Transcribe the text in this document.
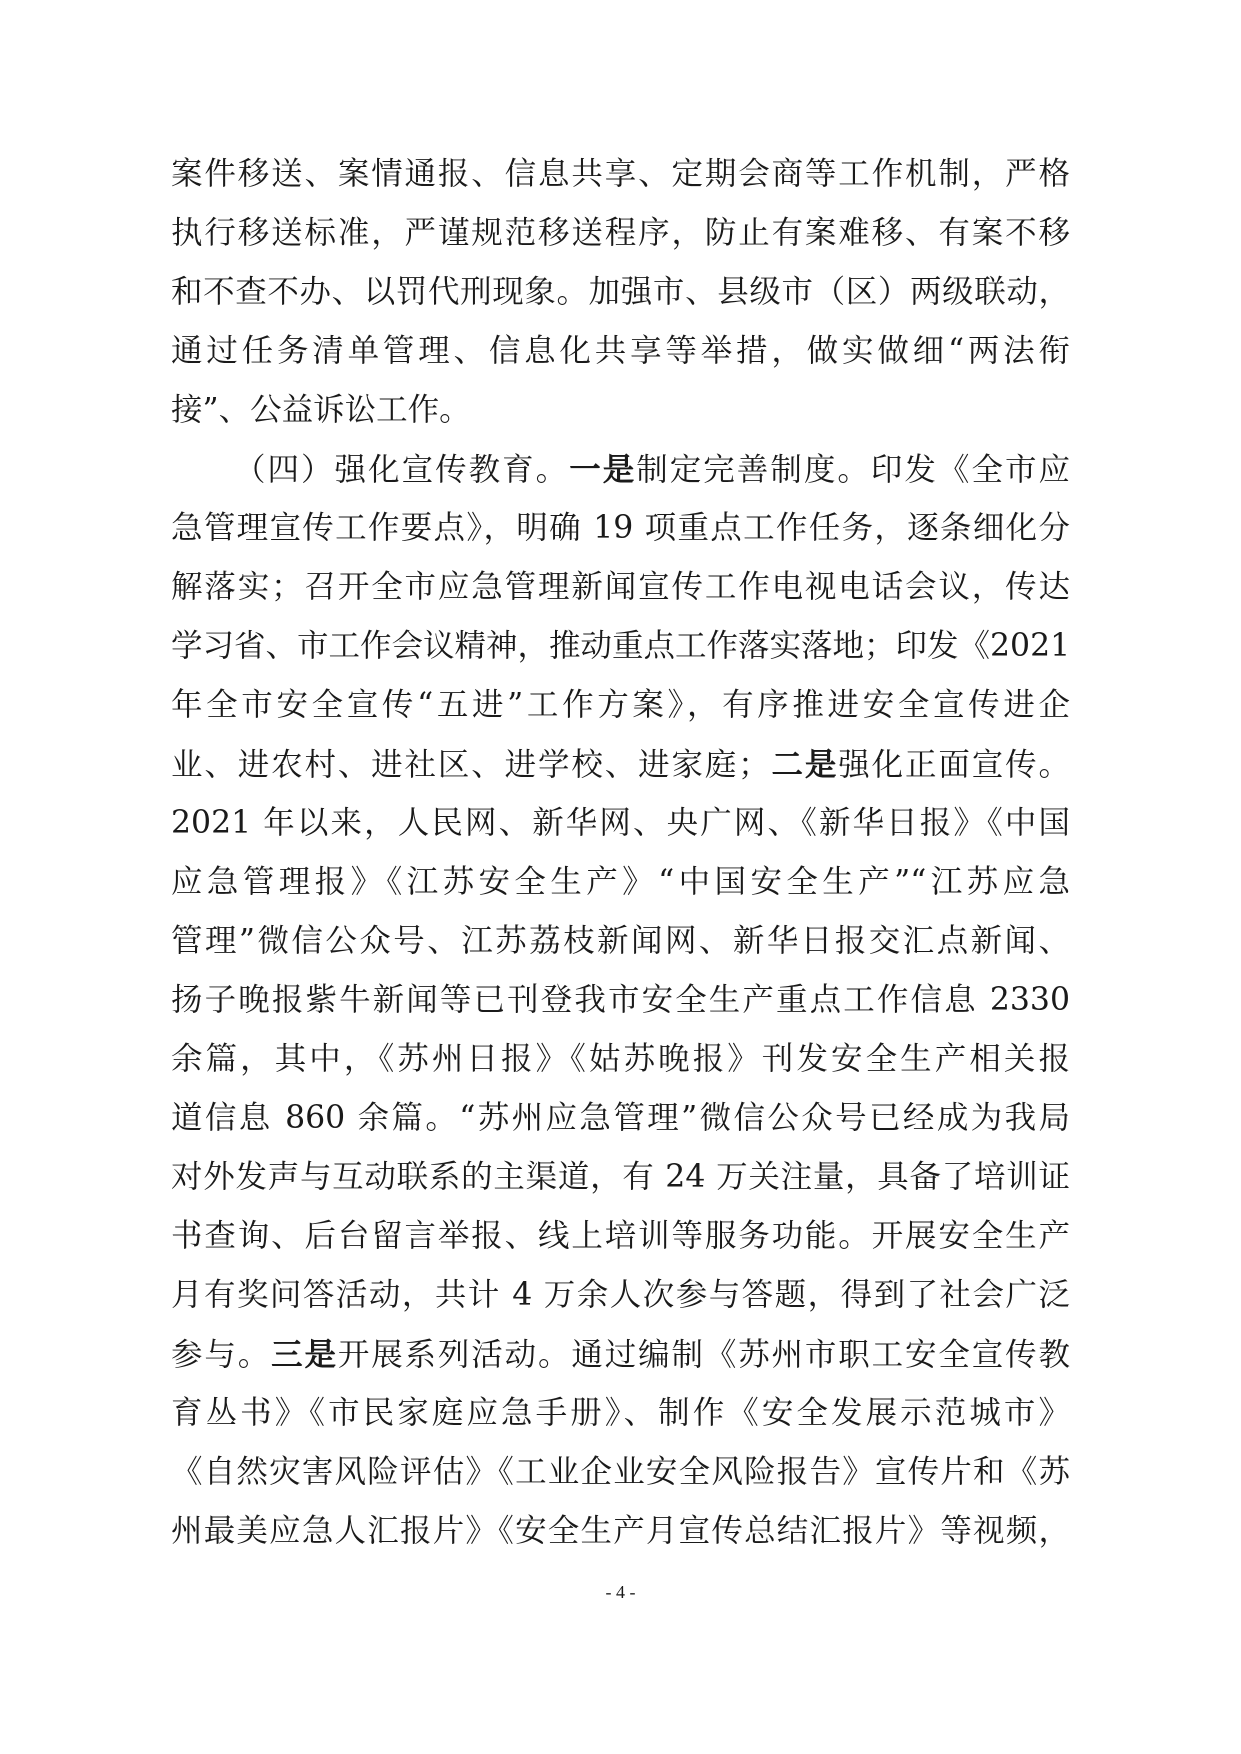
案件移送、案情通报、信息共享、定期会商等工作机制，严格
执行移送标准，严谨规范移送程序，防止有案难移、有案不移
和不查不办、以罚代刑现象。加强市、县级市（区）两级联动，
通过任务清单管理、信息化共享等举措，做实做细“两法衔
接”、公益诉讼工作。
（四）强化宣传教育。一是制定完善制度。印发《全市应
急管理宣传工作要点》，明确 19 项重点工作任务，逐条细化分
解落实；召开全市应急管理新闻宣传工作电视电话会议，传达
学习省、市工作会议精神，推动重点工作落实落地；印发《2021
年全市安全宣传“五进”工作方案》，有序推进安全宣传进企
业、进农村、进社区、进学校、进家庭；二是强化正面宣传。
2021 年以来，人民网、新华网、央广网、《新华日报》《中国
应急管理报》《江苏安全生产》“中国安全生产”“江苏应急
管理”微信公众号、江苏荔枝新闻网、新华日报交汇点新闻、
扬子晚报紫牛新闻等已刊登我市安全生产重点工作信息 2330
余篇，其中，《苏州日报》《姑苏晚报》刊发安全生产相关报
道信息 860 余篇。“苏州应急管理”微信公众号已经成为我局
对外发声与互动联系的主渠道，有 24 万关注量，具备了培训证
书查询、后台留言举报、线上培训等服务功能。开展安全生产
月有奖问答活动，共计 4 万余人次参与答题，得到了社会广泛
参与。三是开展系列活动。通过编制《苏州市职工安全宣传教
育丛书》《市民家庭应急手册》、制作《安全发展示范城市》
《自然灾害风险评估》《工业企业安全风险报告》宣传片和《苏
州最美应急人汇报片》《安全生产月宣传总结汇报片》等视频，
- 4 -
